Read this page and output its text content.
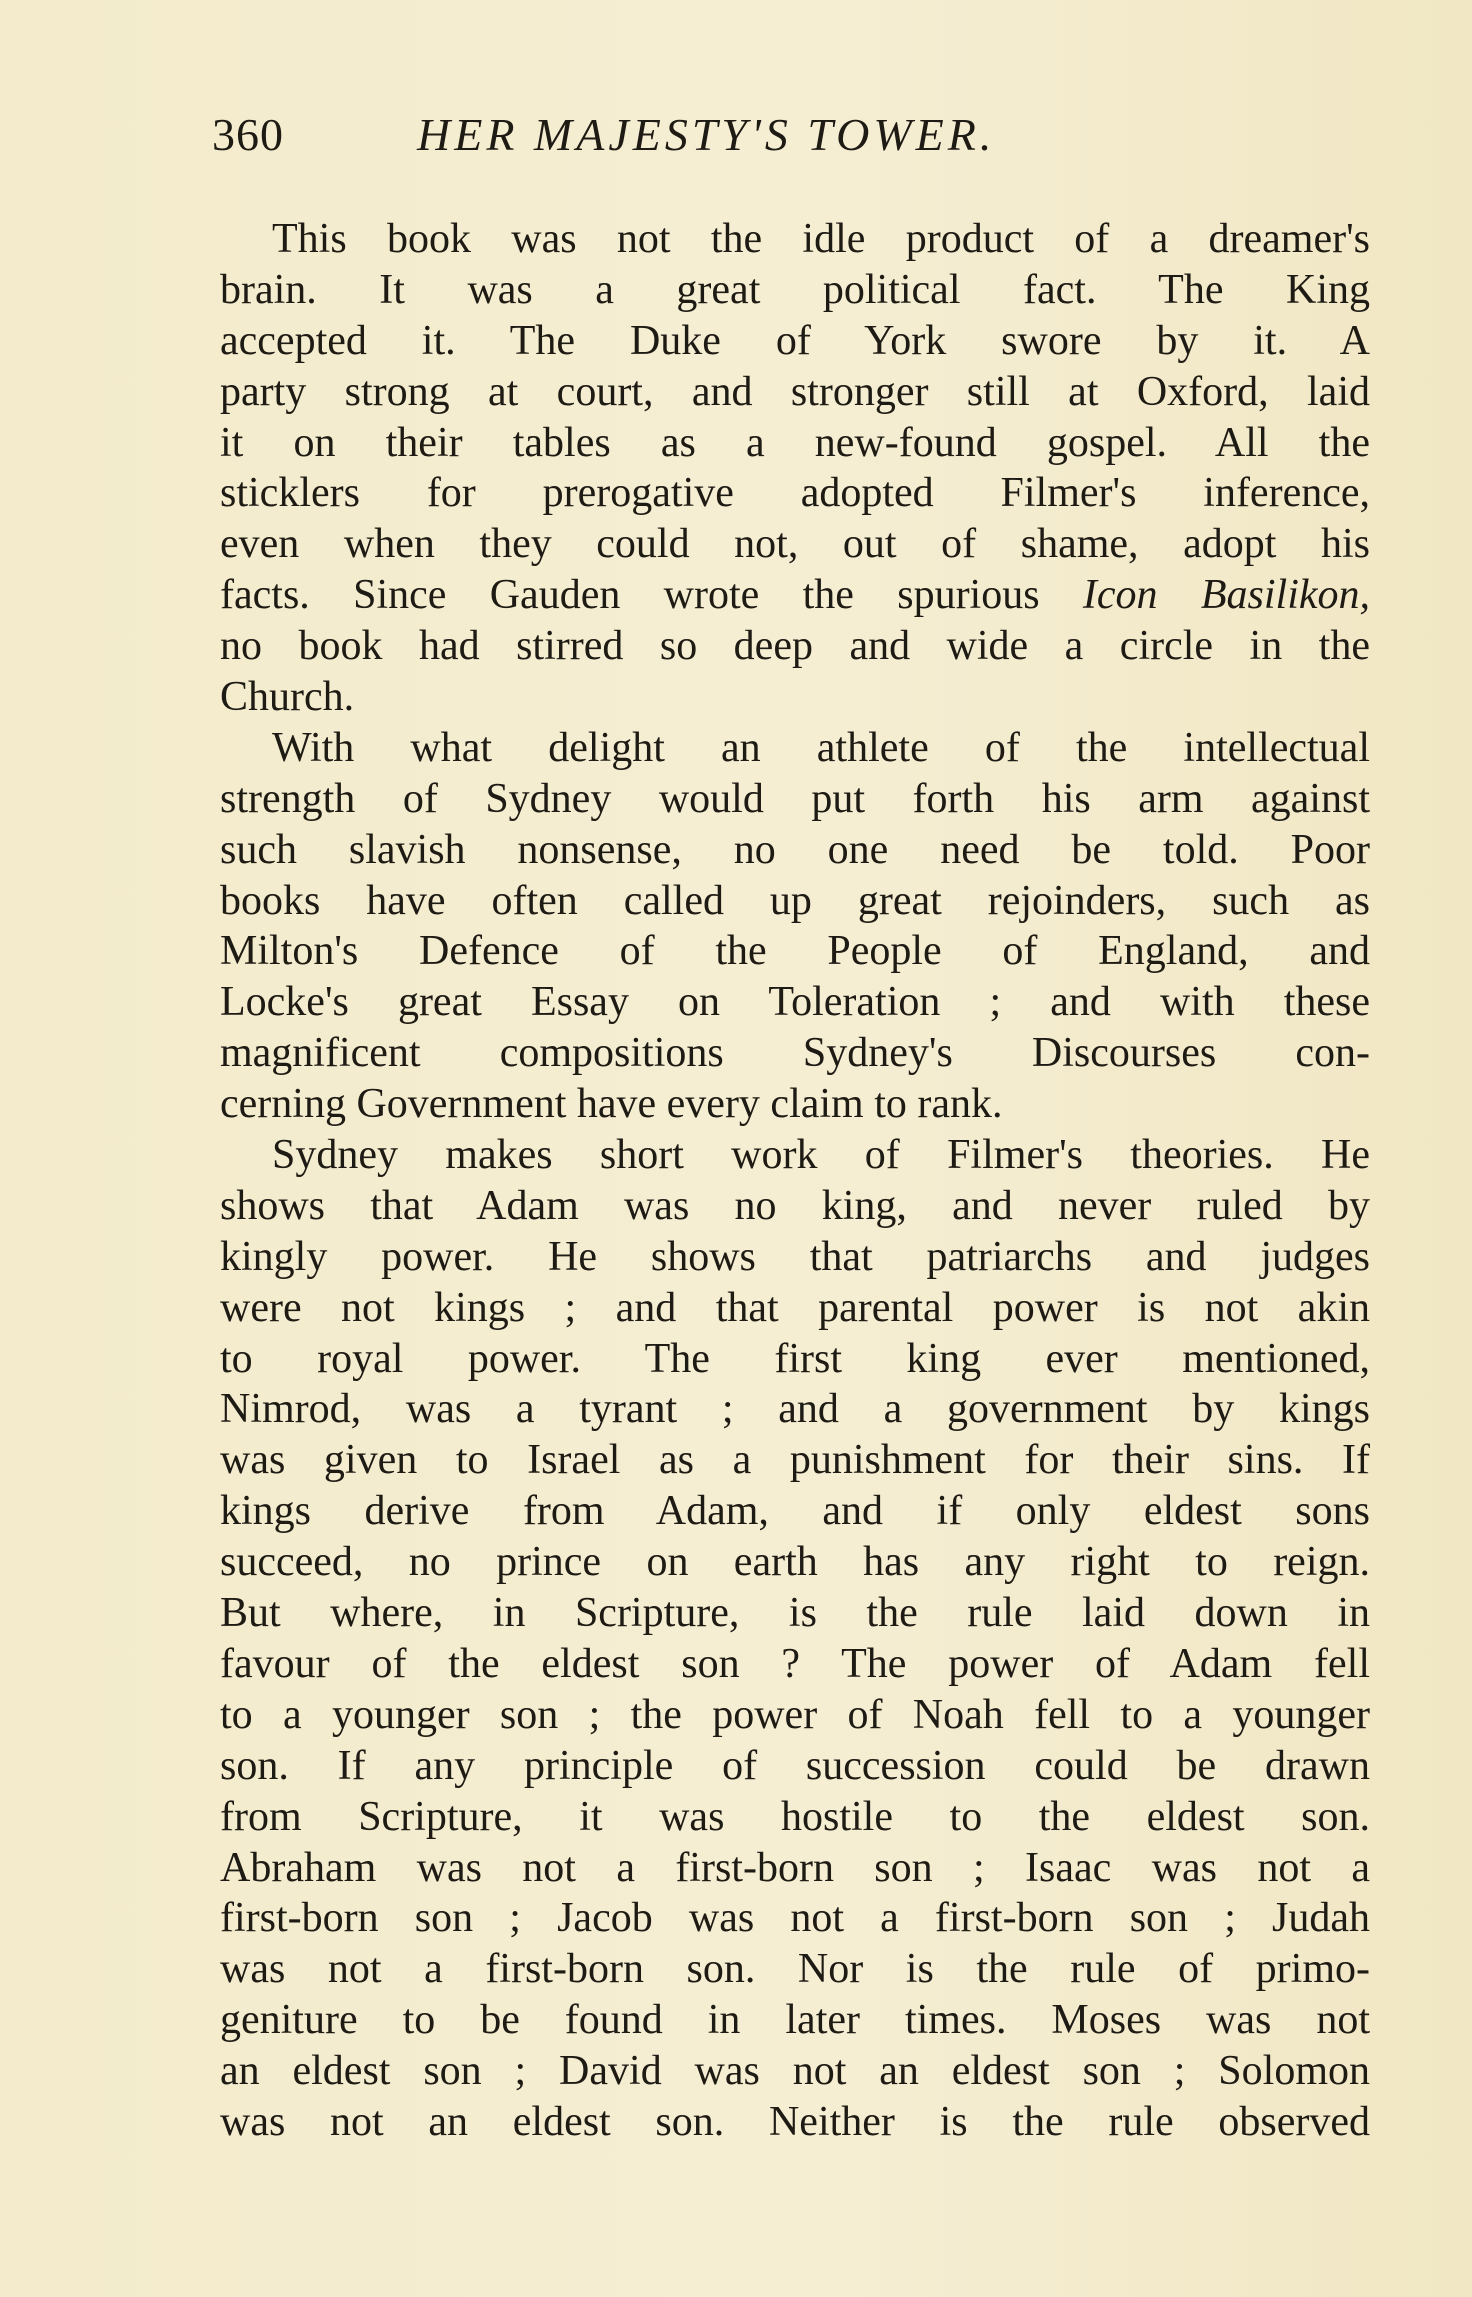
360	HER MAJESTY'S TOWER.
This book was not the idle product of a dreamer's
brain. It was a great political fact. The King
accepted it. The Duke of York swore by it. A
party strong at court, and stronger still at Oxford, laid
it on their tables as a new-found gospel. All the
sticklers for prerogative adopted Filmer's inference,
even when they could not, out of shame, adopt his
facts. Since Gauden wrote the spurious Icon Basilikon,
no book had stirred so deep and wide a circle in the
Church.
With what delight an athlete of the intellectual
strength of Sydney would put forth his arm against
such slavish nonsense, no one need be told. Poor
books have often called up great rejoinders, such as
Milton's Defence of the People of England, and
Locke's great Essay on Toleration ; and with these
magnificent compositions Sydney's Discourses con-
cerning Government have every claim to rank.
Sydney makes short work of Filmer's theories. He
shows that Adam was no king, and never ruled by
kingly power. He shows that patriarchs and judges
were not kings ; and that parental power is not akin
to royal power. The first king ever mentioned,
Nimrod, was a tyrant ; and a government by kings
was given to Israel as a punishment for their sins. If
kings derive from Adam, and if only eldest sons
succeed, no prince on earth has any right to reign.
But where, in Scripture, is the rule laid down in
favour of the eldest son ? The power of Adam fell
to a younger son ; the power of Noah fell to a younger
son. If any principle of succession could be drawn
from Scripture, it was hostile to the eldest son.
Abraham was not a first-born son ; Isaac was not a
first-born son ; Jacob was not a first-born son ; Judah
was not a first-born son. Nor is the rule of primo-
geniture to be found in later times. Moses was not
an eldest son ; David was not an eldest son ; Solomon
was not an eldest son. Neither is the rule observed
